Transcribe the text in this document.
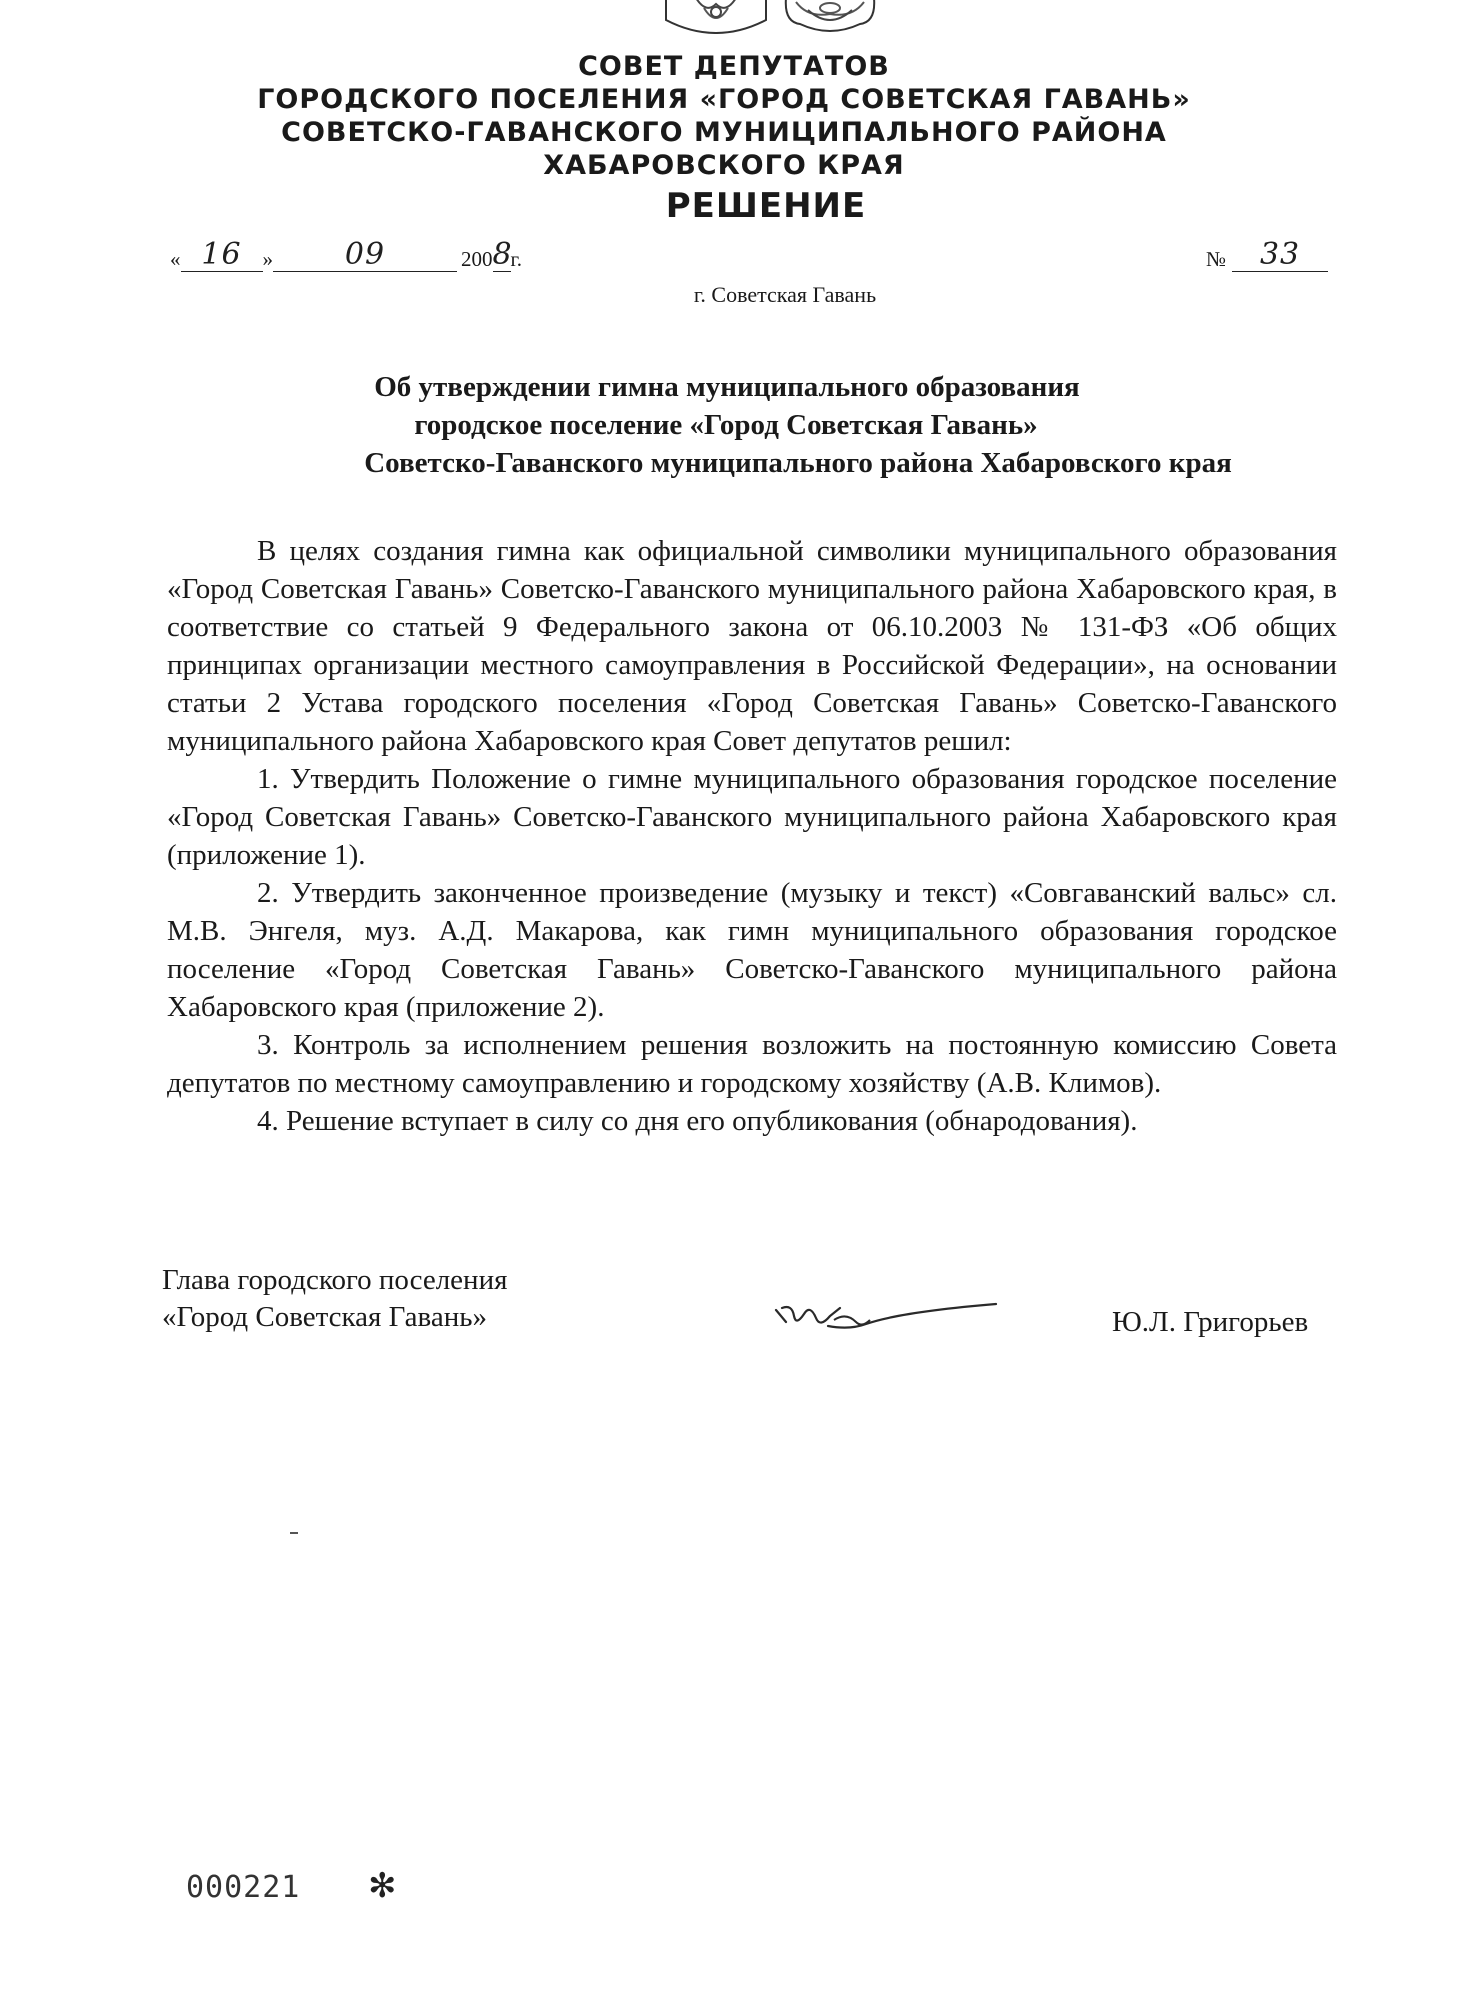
СОВЕТ ДЕПУТАТОВ
ГОРОДСКОГО ПОСЕЛЕНИЯ «ГОРОД СОВЕТСКАЯ ГАВАНЬ»
СОВЕТСКО-ГАВАНСКОГО МУНИЦИПАЛЬНОГО РАЙОНА
ХАБАРОВСКОГО КРАЯ
РЕШЕНИЕ
« 16 »	09	200 8
г.	№	33
г. Советская Гавань
Об утверждении гимна муниципального образования
городское поселение «Город Советская Гавань»
Советско-Гаванского муниципального района Хабаровского края

В целях создания гимна как официальной символики муниципального образования «Город Советская Гавань» Советско-Гаванского муниципального района Хабаровского края, в соответствие со статьей 9 Федерального закона от 06.10.2003 № 131-ФЗ «Об общих принципах организации местного самоуправления в Российской Федерации», на основании статьи 2 Устава городского поселения «Город Советская Гавань» Советско-Гаванского муниципального района Хабаровского края Совет депутатов решил:

1. Утвердить Положение о гимне муниципального образования городское поселение «Город Советская Гавань» Советско-Гаванского муниципального района Хабаровского края (приложение 1).

2. Утвердить законченное произведение (музыку и текст) «Совгаванский вальс» сл. М.В. Энгеля, муз. А.Д. Макарова, как гимн муниципального образования городское поселение «Город Советская Гавань» Советско-Гаванского муниципального района Хабаровского края (приложение 2).

3. Контроль за исполнением решения возложить на постоянную комиссию Совета депутатов по местному самоуправлению и городскому хозяйству (А.В. Климов).

4. Решение вступает в силу со дня его опубликования (обнародования).

Глава городского поселения
«Город Советская Гавань»	Ю.Л. Григорьев
000221 ✻
